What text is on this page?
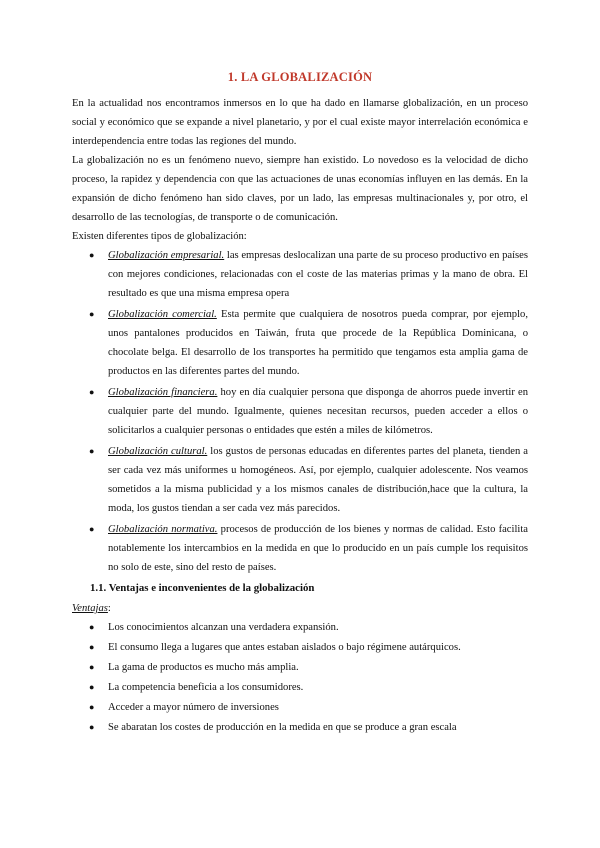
1. LA GLOBALIZACIÓN

En la actualidad nos encontramos inmersos en lo que ha dado en llamarse globalización, en un proceso social y económico que se expande a nivel planetario, y por el cual existe mayor interrelación económica e interdependencia entre todas las regiones del mundo.

La globalización no es un fenómeno nuevo, siempre han existido. Lo novedoso es la velocidad de dicho proceso, la rapidez y dependencia con que las actuaciones de unas economías influyen en las demás. En la expansión de dicho fenómeno han sido claves, por un lado, las empresas multinacionales y, por otro, el desarrollo de las tecnologías, de transporte o de comunicación.

Existen diferentes tipos de globalización:

● Globalización empresarial. las empresas deslocalizan una parte de su proceso productivo en países con mejores condiciones, relacionadas con el coste de las materias primas y la mano de obra. El resultado es que una misma empresa opera
● Globalización comercial. Esta permite que cualquiera de nosotros pueda comprar, por ejemplo, unos pantalones producidos en Taiwán, fruta que procede de la República Dominicana, o chocolate belga. El desarrollo de los transportes ha permitido que tengamos esta amplia gama de productos en las diferentes partes del mundo.
● Globalización financiera. hoy en día cualquier persona que disponga de ahorros puede invertir en cualquier parte del mundo. Igualmente, quienes necesitan recursos, pueden acceder a ellos o solicitarlos a cualquier personas o entidades que estén a miles de kilómetros.
● Globalización cultural. los gustos de personas educadas en diferentes partes del planeta, tienden a ser cada vez más uniformes u homogéneos. Así, por ejemplo, cualquier adolescente. Nos veamos sometidos a la misma publicidad y a los mismos canales de distribución,hace que la cultura, la moda, los gustos tiendan a ser cada vez más parecidos.
● Globalización normativa. procesos de producción de los bienes y normas de calidad. Esto facilita notablemente los intercambios en la medida en que lo producido en un país cumple los requisitos no solo de este, sino del resto de países.
1.1. Ventajas e inconvenientes de la globalización
Ventajas:
● Los conocimientos alcanzan una verdadera expansión.
● El consumo llega a lugares que antes estaban aislados o bajo régimene autárquicos.
● La gama de productos es mucho más amplia.
● La competencia beneficia a los consumidores.
● Acceder a mayor número de inversiones
● Se abaratan los costes de producción en la medida en que se produce a gran escala
